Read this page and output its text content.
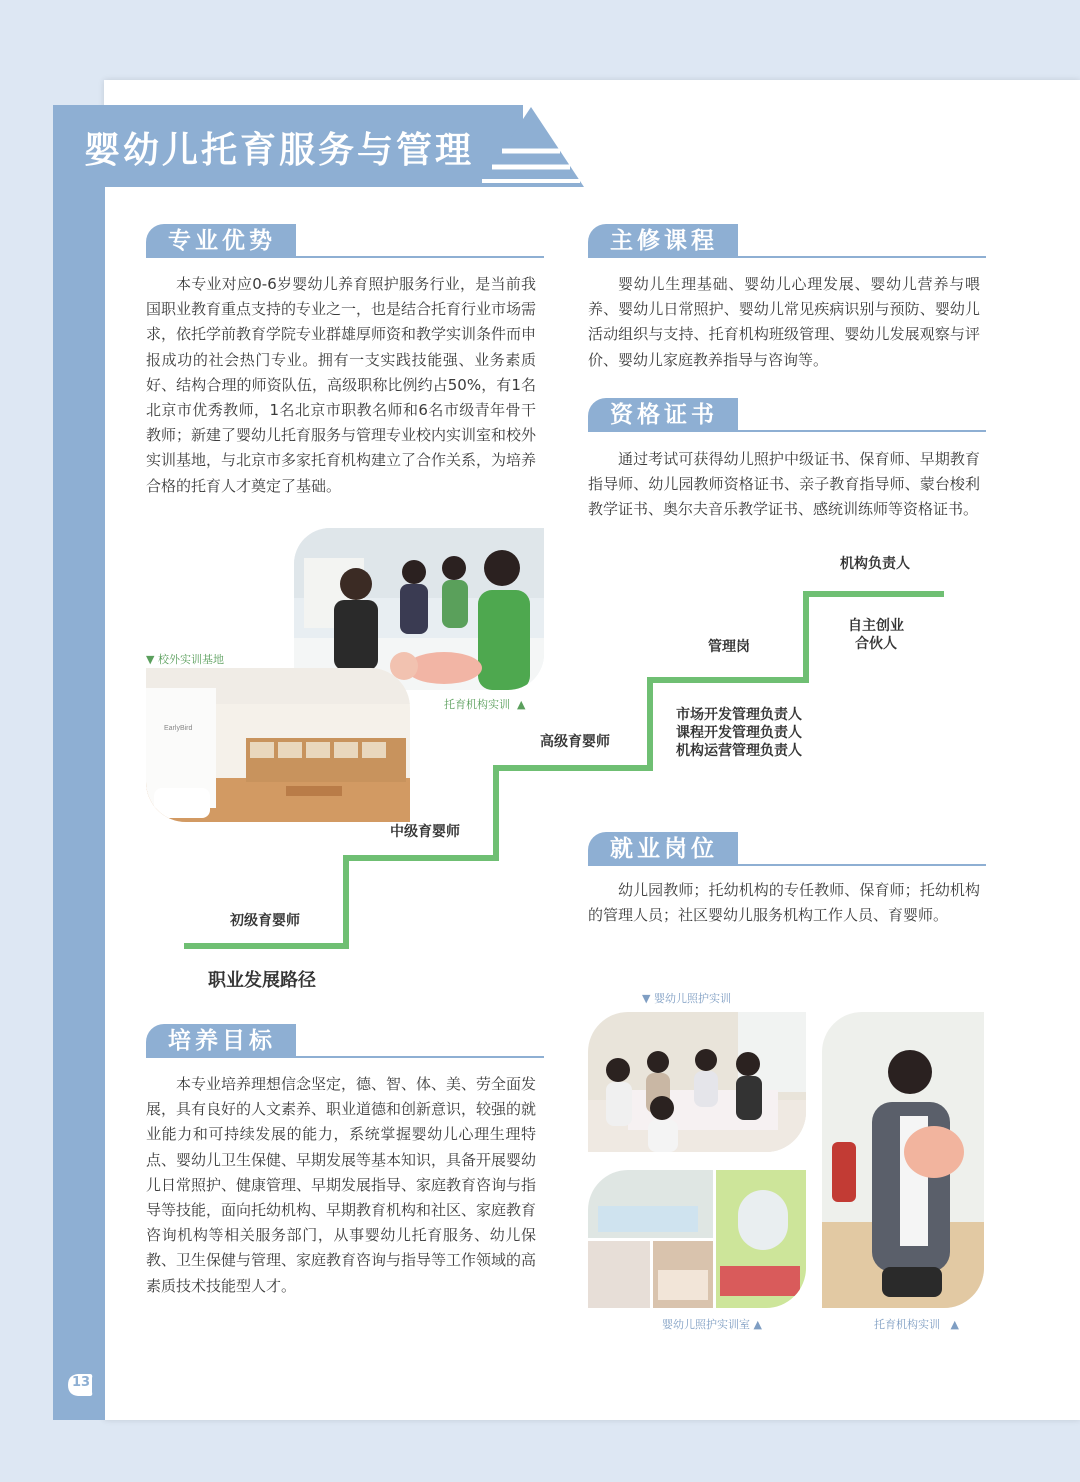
婴幼儿托育服务与管理
专业优势

本专业对应0-6岁婴幼儿养育照护服务行业，是当前我国职业教育重点支持的专业之一，也是结合托育行业市场需求，依托学前教育学院专业群雄厚师资和教学实训条件而申报成功的社会热门专业。拥有一支实践技能强、业务素质好、结构合理的师资队伍，高级职称比例约占50%，有1名北京市优秀教师，1名北京市职教名师和6名市级青年骨干教师；新建了婴幼儿托育服务与管理专业校内实训室和校外实训基地，与北京市多家托育机构建立了合作关系，为培养合格的托育人才奠定了基础。

主修课程

婴幼儿生理基础、婴幼儿心理发展、婴幼儿营养与喂养、婴幼儿日常照护、婴幼儿常见疾病识别与预防、婴幼儿活动组织与支持、托育机构班级管理、婴幼儿发展观察与评价、婴幼儿家庭教养指导与咨询等。

资格证书

通过考试可获得幼儿照护中级证书、保育师、早期教育指导师、幼儿园教师资格证书、亲子教育指导师、蒙台梭利教学证书、奥尔夫音乐教学证书、感统训练师等资格证书。

EarlyBird
▼ 校外实训基地
托育机构实训  ▲
初级育婴师
中级育婴师
高级育婴师
管理岗
机构负责人
市场开发管理负责人
课程开发管理负责人
机构运营管理负责人
自主创业
合伙人
职业发展路径
就业岗位

幼儿园教师；托幼机构的专任教师、保育师；托幼机构的管理人员；社区婴幼儿服务机构工作人员、育婴师。

培养目标

本专业培养理想信念坚定，德、智、体、美、劳全面发展，具有良好的人文素养、职业道德和创新意识，较强的就业能力和可持续发展的能力，系统掌握婴幼儿心理生理特点、婴幼儿卫生保健、早期发展等基本知识，具备开展婴幼儿日常照护、健康管理、早期发展指导、家庭教育咨询与指导等技能，面向托幼机构、早期教育机构和社区、家庭教育咨询机构等相关服务部门，从事婴幼儿托育服务、幼儿保教、卫生保健与管理、家庭教育咨询与指导等工作领域的高素质技术技能型人才。

▼ 婴幼儿照护实训
婴幼儿照护实训室 ▲	托育机构实训   ▲
13
